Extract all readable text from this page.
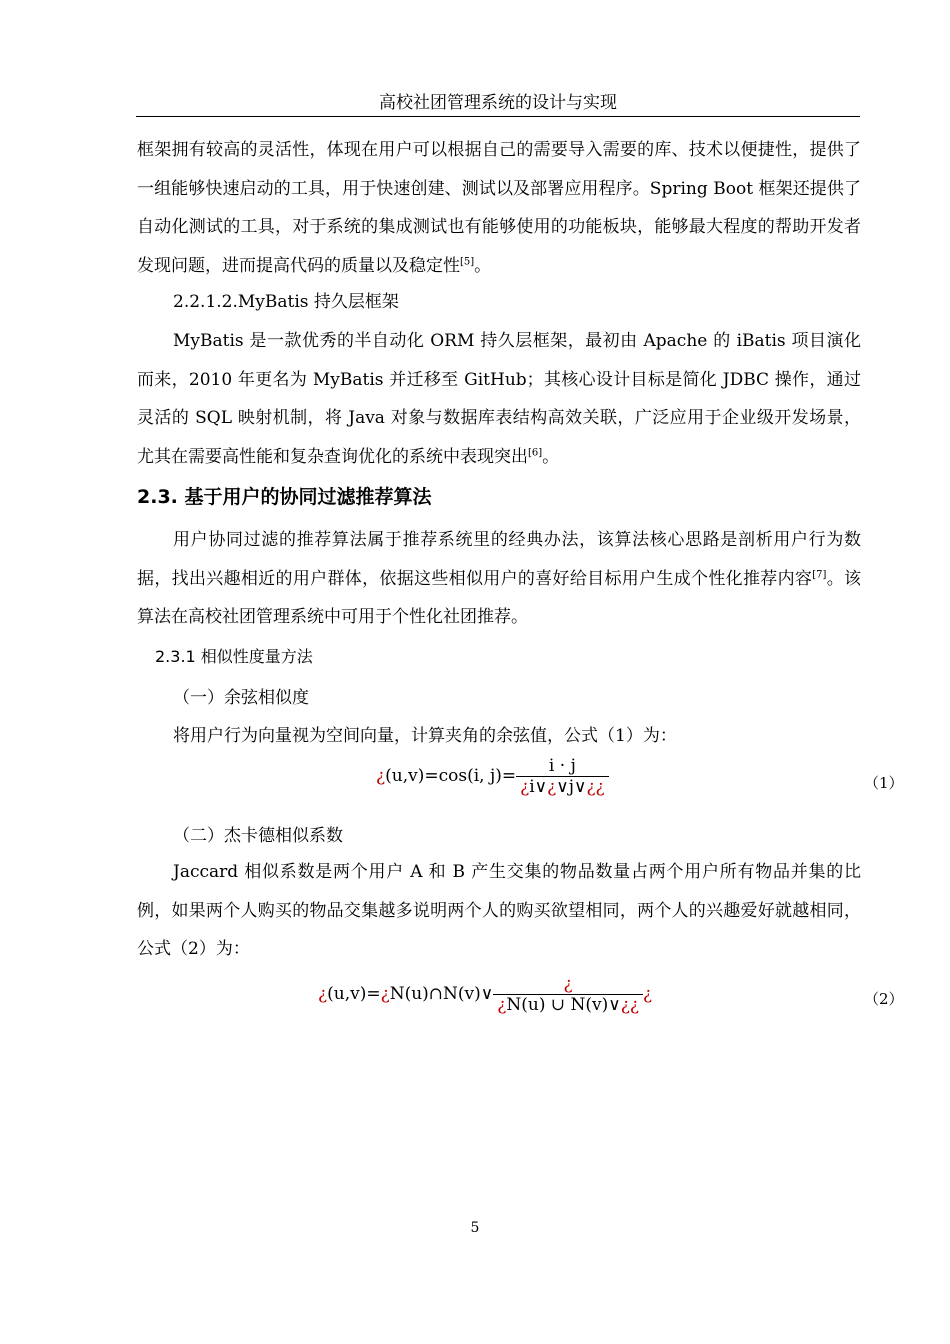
高校社团管理系统的设计与实现

框架拥有较高的灵活性，体现在用户可以根据自己的需要导入需要的库、技术以便捷性，提供了一组能够快速启动的工具，用于快速创建、测试以及部署应用程序。Spring Boot 框架还提供了自动化测试的工具，对于系统的集成测试也有能够使用的功能板块，能够最大程度的帮助开发者发现问题，进而提高代码的质量以及稳定性[5]。

2.2.1.2.MyBatis 持久层框架

MyBatis 是一款优秀的半自动化 ORM 持久层框架，最初由 Apache 的 iBatis 项目演化而来，2010 年更名为 MyBatis 并迁移至 GitHub；其核心设计目标是简化 JDBC 操作，通过灵活的 SQL 映射机制，将 Java 对象与数据库表结构高效关联，广泛应用于企业级开发场景，尤其在需要高性能和复杂查询优化的系统中表现突出[6]。

2.3. 基于用户的协同过滤推荐算法

用户协同过滤的推荐算法属于推荐系统里的经典办法，该算法核心思路是剖析用户行为数据，找出兴趣相近的用户群体，依据这些相似用户的喜好给目标用户生成个性化推荐内容[7]。该算法在高校社团管理系统中可用于个性化社团推荐。

2.3.1 相似性度量方法
（一）余弦相似度
将用户行为向量视为空间向量，计算夹角的余弦值，公式（1）为：
¿(u,v)=cos(i, $j)= \frac{i \cdot j}{¿i\vee¿\vee j\vee¿¿}$	（1）
（二）杰卡德相似系数

Jaccard 相似系数是两个用户 A 和 B 产生交集的物品数量占两个用户所有物品并集的比例，如果两个人购买的物品交集越多说明两个人的购买欲望相同，两个人的兴趣爱好就越相同，公式（2）为：

¿(u,v)=¿N(u)∩N(v)∨ $\frac{¿}{¿N(u) \cup N(v)\vee¿¿}$ ¿	（2）
5
